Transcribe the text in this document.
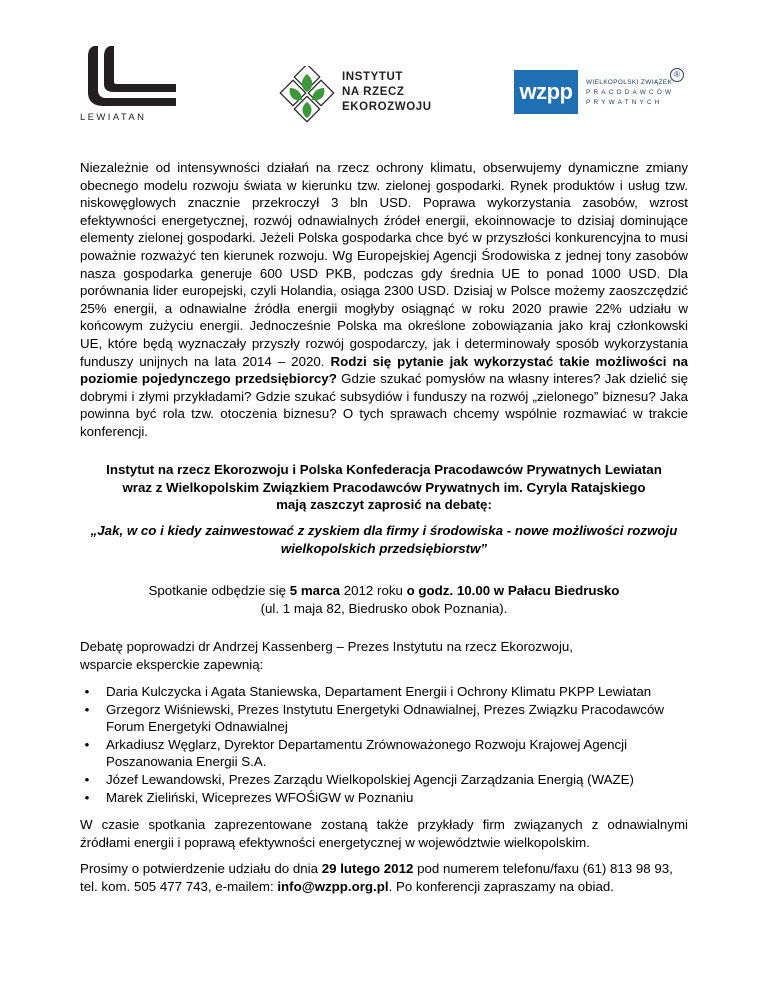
LEWIATAN
INSTYTUT
NA RZECZ
EKOROZWOJU
wzpp	WIELKOPOLSKI ZWIĄZEK
PRACODAWCÓW
PRYWATNYCH
®

Niezależnie od intensywności działań na rzecz ochrony klimatu, obserwujemy dynamiczne zmiany obecnego modelu rozwoju świata w kierunku tzw. zielonej gospodarki. Rynek produktów i usług tzw. niskowęglowych znacznie przekroczył 3 bln USD. Poprawa wykorzystania zasobów, wzrost efektywności energetycznej, rozwój odnawialnych źródeł energii, ekoinnowacje to dzisiaj dominujące elementy zielonej gospodarki. Jeżeli Polska gospodarka chce być w przyszłości konkurencyjna to musi poważnie rozważyć ten kierunek rozwoju. Wg Europejskiej Agencji Środowiska z jednej tony zasobów nasza gospodarka generuje 600 USD PKB, podczas gdy średnia UE to ponad 1000 USD. Dla porównania lider europejski, czyli Holandia, osiąga 2300 USD. Dzisiaj w Polsce możemy zaoszczędzić 25% energii, a odnawialne źródła energii mogłyby osiągnąć w roku 2020 prawie 22% udziału w końcowym zużyciu energii. Jednocześnie Polska ma określone zobowiązania jako kraj członkowski UE, które będą wyznaczały przyszły rozwój gospodarczy, jak i determinowały sposób wykorzystania funduszy unijnych na lata 2014 – 2020. Rodzi się pytanie jak wykorzystać takie możliwości na poziomie pojedynczego przedsiębiorcy? Gdzie szukać pomysłów na własny interes? Jak dzielić się dobrymi i złymi przykładami? Gdzie szukać subsydiów i funduszy na rozwój „zielonego” biznesu? Jaka powinna być rola tzw. otoczenia biznesu? O tych sprawach chcemy wspólnie rozmawiać w trakcie konferencji.

Instytut na rzecz Ekorozwoju i Polska Konfederacja Pracodawców Prywatnych Lewiatan
wraz z Wielkopolskim Związkiem Pracodawców Prywatnych im. Cyryla Ratajskiego
mają zaszczyt zaprosić na debatę:
„Jak, w co i kiedy zainwestować z zyskiem dla firmy i środowiska - nowe możliwości rozwoju
wielkopolskich przedsiębiorstw”
Spotkanie odbędzie się 5 marca 2012 roku o godz. 10.00 w Pałacu Biedrusko
(ul. 1 maja 82, Biedrusko obok Poznania).
Debatę poprowadzi dr Andrzej Kassenberg – Prezes Instytutu na rzecz Ekorozwoju,
wsparcie eksperckie zapewnią:
• Daria Kulczycka i Agata Staniewska, Departament Energii i Ochrony Klimatu PKPP Lewiatan
• Grzegorz Wiśniewski, Prezes Instytutu Energetyki Odnawialnej, Prezes Związku Pracodawców
Forum Energetyki Odnawialnej
• Arkadiusz Węglarz, Dyrektor Departamentu Zrównoważonego Rozwoju Krajowej Agencji
Poszanowania Energii S.A.
• Józef Lewandowski, Prezes Zarządu Wielkopolskiej Agencji Zarządzania Energią (WAZE)
• Marek Zieliński, Wiceprezes WFOŚiGW w Poznaniu
W czasie spotkania zaprezentowane zostaną także przykłady firm związanych z odnawialnymi źródłami energii i poprawą efektywności energetycznej w województwie wielkopolskim.
Prosimy o potwierdzenie udziału do dnia 29 lutego 2012 pod numerem telefonu/faxu (61) 813 98 93, tel. kom. 505 477 743, e-mailem: info@wzpp.org.pl. Po konferencji zapraszamy na obiad.
